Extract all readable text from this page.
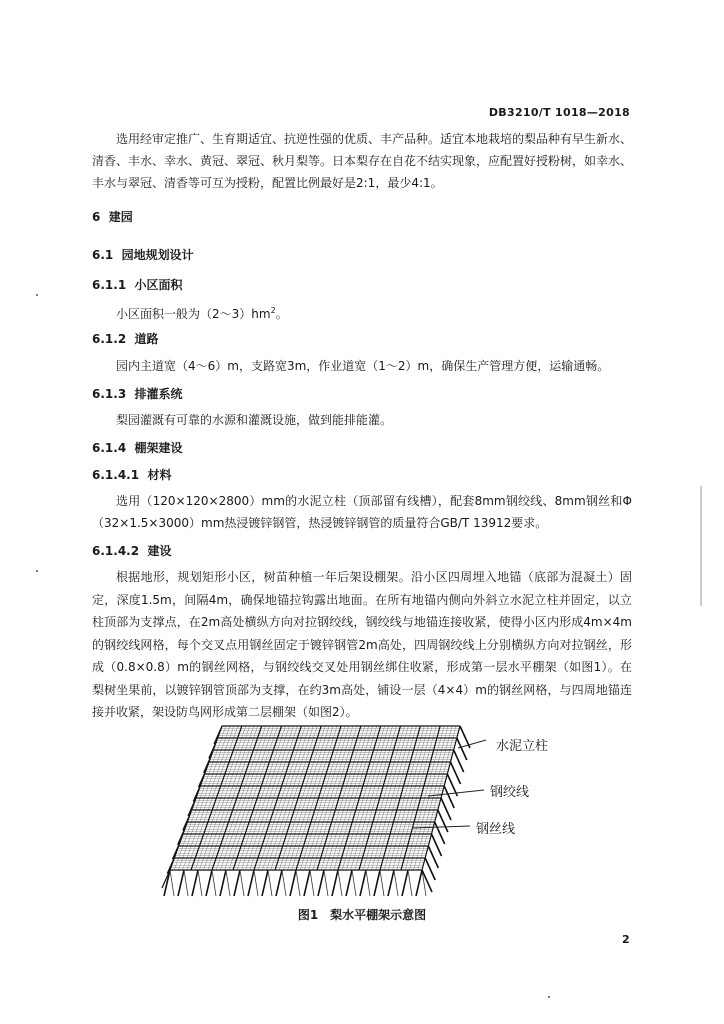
DB3210/T 1018—2018
选用经审定推广、生育期适宜、抗逆性强的优质、丰产品种。适宜本地栽培的梨品种有早生新水、清香、丰水、幸水、黄冠、翠冠、秋月梨等。日本梨存在自花不结实现象，应配置好授粉树，如幸水、丰水与翠冠、清香等可互为授粉，配置比例最好是2:1，最少4:1。
6 建园
6.1 园地规划设计
6.1.1 小区面积
小区面积一般为$(2\sim 3)hm^2$。
6.1.2 道路
园内主道宽（4～6）m，支路宽3m，作业道宽（1～2）m，确保生产管理方便，运输通畅。
6.1.3 排灌系统
梨园灌溉有可靠的水源和灌溉设施，做到能排能灌。
6.1.4 棚架建设
6.1.4.1 材料
选用（120×120×2800）mm的水泥立柱（顶部留有线槽），配套8mm钢绞线、8mm钢丝和Φ（32×1.5×3000）mm热浸镀锌钢管，热浸镀锌钢管的质量符合GB/T 13912要求。
6.1.4.2 建设
根据地形，规划矩形小区，树苗种植一年后架设棚架。沿小区四周埋入地锚（底部为混凝土）固定，深度1.5m，间隔4m，确保地锚拉钩露出地面。在所有地锚内侧向外斜立水泥立柱并固定，以立柱顶部为支撑点，在2m高处横纵方向对拉钢绞线，钢绞线与地锚连接收紧，使得小区内形成4m×4m的钢绞线网格，每个交叉点用钢丝固定于镀锌钢管2m高处，四周钢绞线上分别横纵方向对拉钢丝，形成（0.8×0.8）m的钢丝网格，与钢绞线交叉处用钢丝绑住收紧，形成第一层水平棚架（如图1）。在梨树坐果前，以镀锌钢管顶部为支撑，在约3m高处，铺设一层（4×4）m的钢丝网格，与四周地锚连接并收紧，架设防鸟网形成第二层棚架（如图2）。
水泥立柱
钢绞线
钢丝线
图1　梨水平棚架示意图
2
